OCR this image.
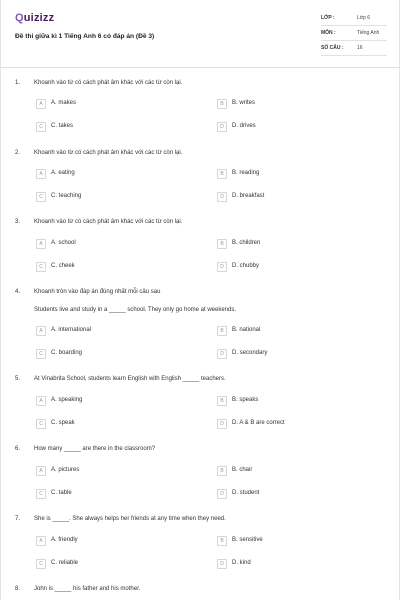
Quizizz
Đề thi giữa kì 1 Tiếng Anh 6 có đáp án (Đề 3)
LỚP :	Lớp 6
MÔN :	Tiếng Anh
SỐ CÂU :	16
1. Khoanh vào từ có cách phát âm khác với các từ còn lại.
A	A. makes	B	B. writes
C	C. takes	D	D. drives
2. Khoanh vào từ có cách phát âm khác với các từ còn lại.
A	A. eating	B	B. reading
C	C. teaching	D	D. breakfast
3. Khoanh vào từ có cách phát âm khác với các từ còn lại.
A	A. school	B	B. children
C	C. cheek	D	D. chubby
4. Khoanh tròn vào đáp án đúng nhất mỗi câu sau
Students live and study in a _____ school. They only go home at weekends.
A	A. international	B	B. national
C	C. boarding	D	D. secondary
5. At Vinabrita School, students learn English with English _____ teachers.
A	A. speaking	B	B. speaks
C	C. speak	D	D. A & B are correct
6. How many _____ are there in the classroom?
A	A. pictures	B	B. chair
C	C. table	D	D. student
7. She is _____. She always helps her friends at any time when they need.
A	A. friendly	B	B. sensitive
C	C. reliable	D	D. kind
8. John is _____ his father and his mother.
